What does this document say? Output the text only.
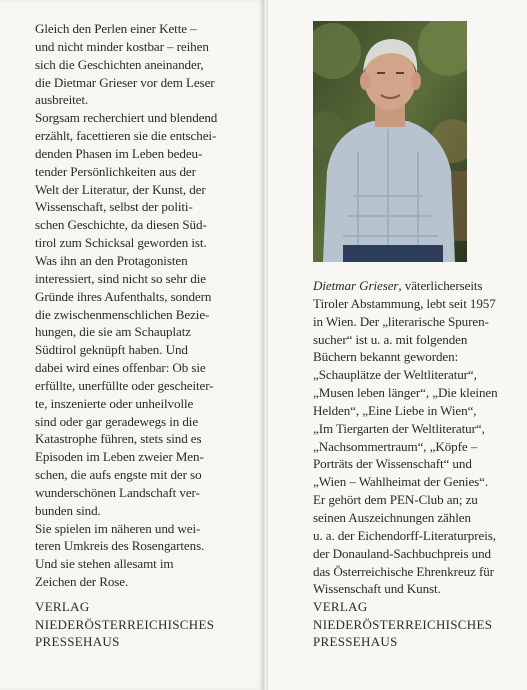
Gleich den Perlen einer Kette –
und nicht minder kostbar – reihen
sich die Geschichten aneinander,
die Dietmar Grieser vor dem Leser
ausbreitet.
Sorgsam recherchiert und blendend
erzählt, facettieren sie die entschei-
denden Phasen im Leben bedeu-
tender Persönlichkeiten aus der
Welt der Literatur, der Kunst, der
Wissenschaft, selbst der politi-
schen Geschichte, da diesen Süd-
tirol zum Schicksal geworden ist.
Was ihn an den Protagonisten
interessiert, sind nicht so sehr die
Gründe ihres Aufenthalts, sondern
die zwischenmenschlichen Bezie-
hungen, die sie am Schauplatz
Südtirol geknüpft haben. Und
dabei wird eines offenbar: Ob sie
erfüllte, unerfüllte oder gescheiter-
te, inszenierte oder unheilvolle
sind oder gar geradewegs in die
Katastrophe führen, stets sind es
Episoden im Leben zweier Men-
schen, die aufs engste mit der so
wunderschönen Landschaft ver-
bunden sind.
Sie spielen im näheren und wei-
teren Umkreis des Rosengartens.
Und sie stehen allesamt im
Zeichen der Rose.
VERLAG
NIEDERÖSTERREICHISCHES
PRESSEHAUS
Dietmar Grieser, väterlicherseits
Tiroler Abstammung, lebt seit 1957
in Wien. Der „literarische Spuren-
sucher“ ist u. a. mit folgenden
Büchern bekannt geworden:
„Schauplätze der Weltliteratur“,
„Musen leben länger“, „Die kleinen
Helden“, „Eine Liebe in Wien“,
„Im Tiergarten der Weltliteratur“,
„Nachsommertraum“, „Köpfe –
Porträts der Wissenschaft“ und
„Wien – Wahlheimat der Genies“.
Er gehört dem PEN-Club an; zu
seinen Auszeichnungen zählen
u. a. der Eichendorff-Literaturpreis,
der Donauland-Sachbuchpreis und
das Österreichische Ehrenkreuz für
Wissenschaft und Kunst.
VERLAG
NIEDERÖSTERREICHISCHES
PRESSEHAUS
